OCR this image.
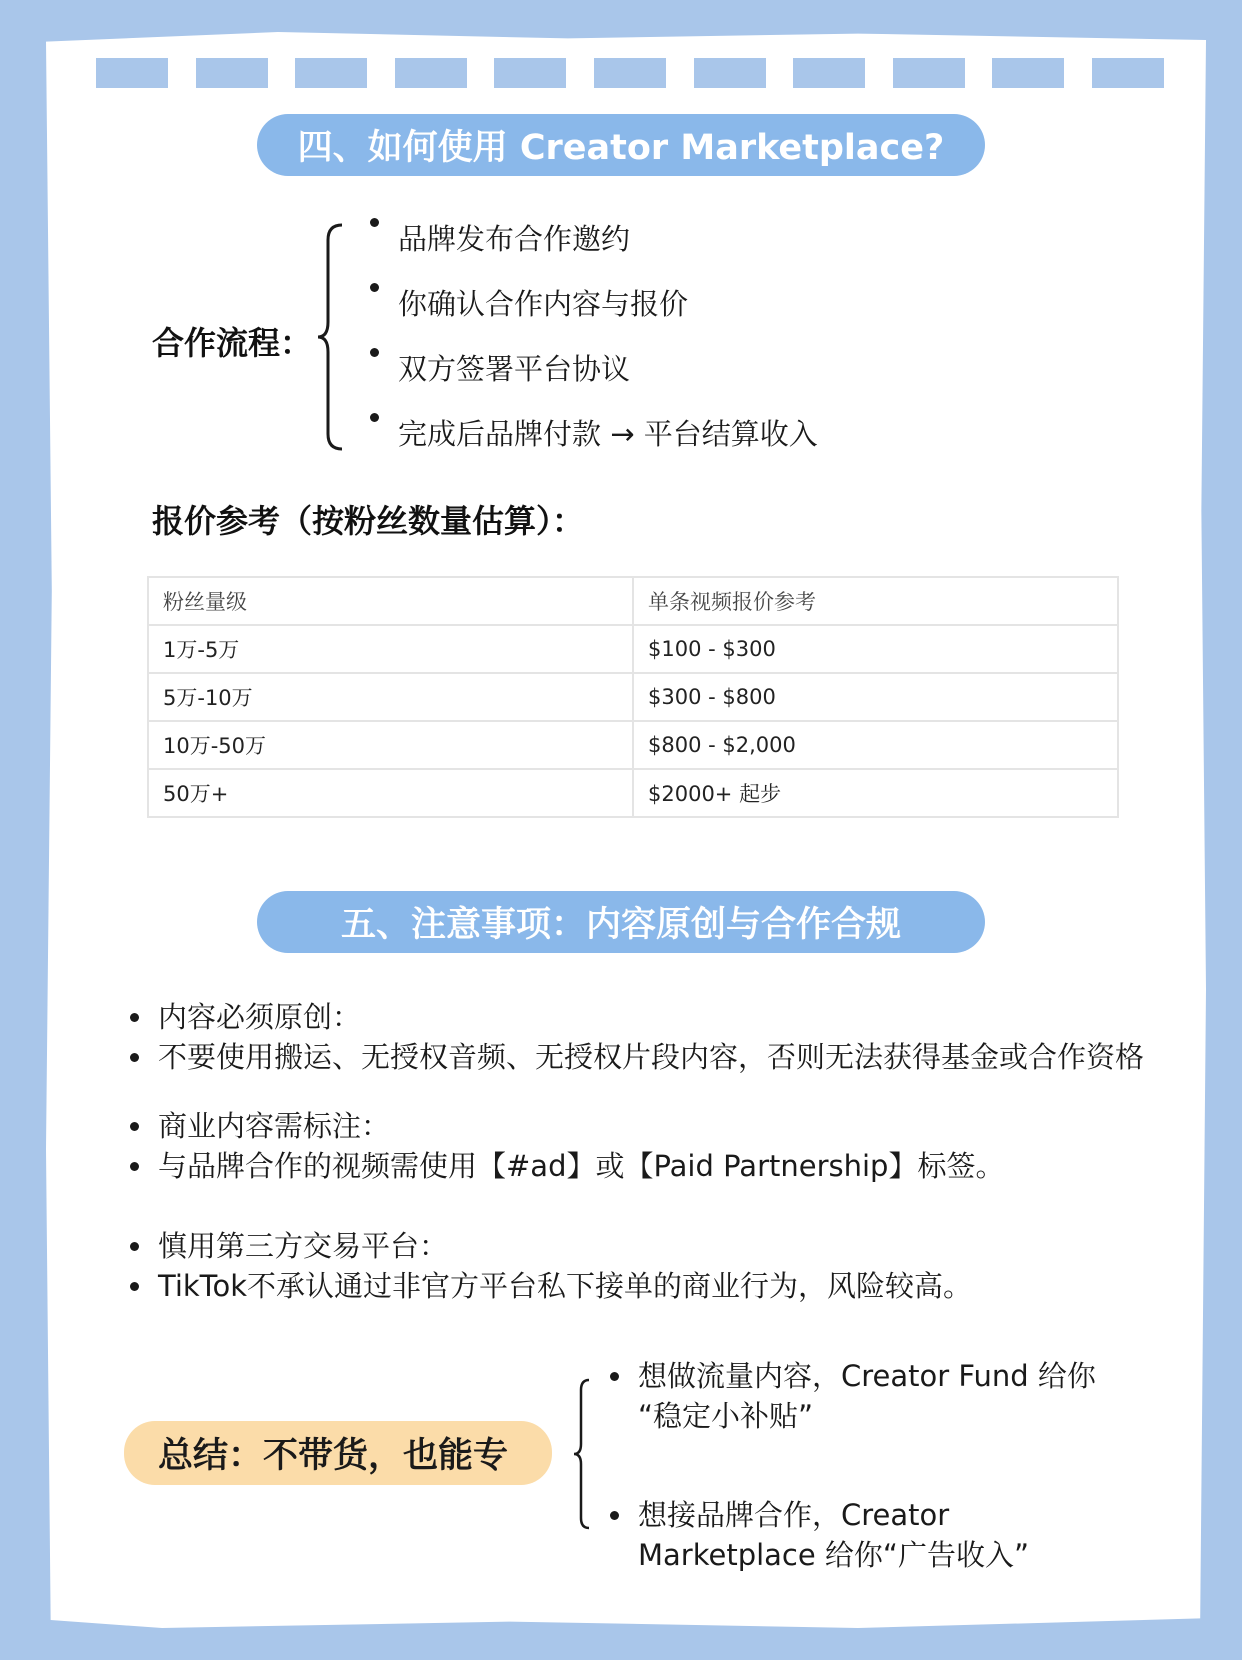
四、如何使用 Creator Marketplace?
合作流程：
品牌发布合作邀约
你确认合作内容与报价
双方签署平台协议
完成后品牌付款 → 平台结算收入
报价参考（按粉丝数量估算）：
粉丝量级	单条视频报价参考
1万-5万	$100 - $300
5万-10万	$300 - $800
10万-50万	$800 - $2,000
50万+	$2000+ 起步
五、注意事项：内容原创与合作合规
内容必须原创：
不要使用搬运、无授权音频、无授权片段内容，否则无法获得基金或合作资格
商业内容需标注：
与品牌合作的视频需使用【#ad】或【Paid Partnership】标签。
慎用第三方交易平台：
TikTok不承认通过非官方平台私下接单的商业行为，风险较高。
总结：不带货，也能专
想做流量内容，Creator Fund 给你
“稳定小补贴”
想接品牌合作，Creator
Marketplace 给你“广告收入”
